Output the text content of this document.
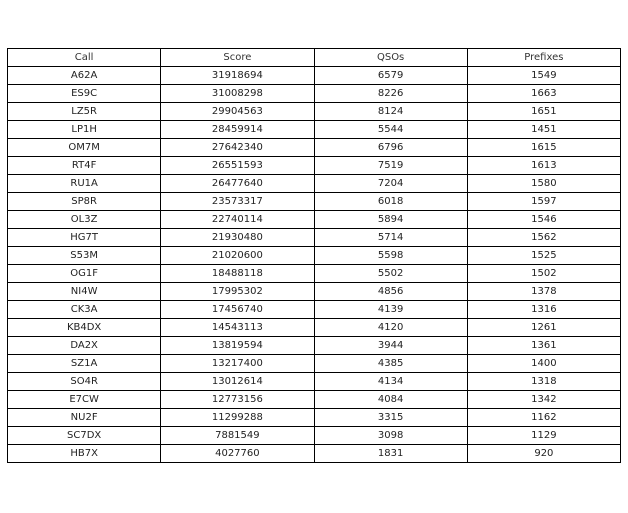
Call	Score	QSOs	Prefixes
A62A	31918694	6579	1549
ES9C	31008298	8226	1663
LZ5R	29904563	8124	1651
LP1H	28459914	5544	1451
OM7M	27642340	6796	1615
RT4F	26551593	7519	1613
RU1A	26477640	7204	1580
SP8R	23573317	6018	1597
OL3Z	22740114	5894	1546
HG7T	21930480	5714	1562
S53M	21020600	5598	1525
OG1F	18488118	5502	1502
NI4W	17995302	4856	1378
CK3A	17456740	4139	1316
KB4DX	14543113	4120	1261
DA2X	13819594	3944	1361
SZ1A	13217400	4385	1400
SO4R	13012614	4134	1318
E7CW	12773156	4084	1342
NU2F	11299288	3315	1162
SC7DX	7881549	3098	1129
HB7X	4027760	1831	920
